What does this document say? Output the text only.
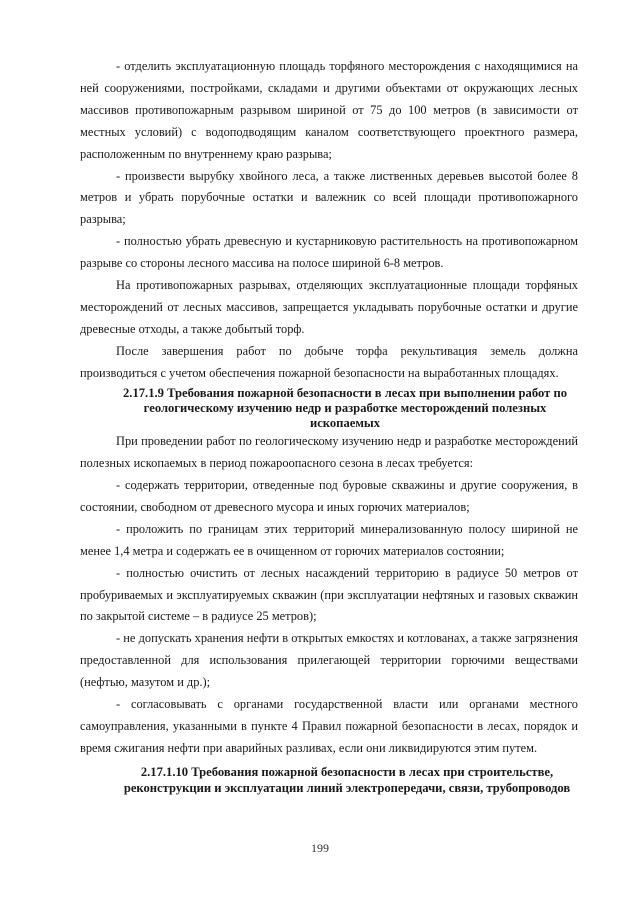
- отделить эксплуатационную площадь торфяного месторождения с находящимися на ней сооружениями, постройками, складами и другими объектами от окружающих лесных массивов противопожарным разрывом шириной от 75 до 100 метров (в зависимости от местных условий) с водоподводящим каналом соответствующего проектного размера, расположенным по внутреннему краю разрыва;

- произвести вырубку хвойного леса, а также лиственных деревьев высотой более 8 метров и убрать порубочные остатки и валежник со всей площади противопожарного разрыва;

- полностью убрать древесную и кустарниковую растительность на противопожарном разрыве со стороны лесного массива на полосе шириной 6-8 метров.

На противопожарных разрывах, отделяющих эксплуатационные площади торфяных месторождений от лесных массивов, запрещается укладывать порубочные остатки и другие древесные отходы, а также добытый торф.

После завершения работ по добыче торфа рекультивация земель должна производиться с учетом обеспечения пожарной безопасности на выработанных площадях.

2.17.1.9 Требования пожарной безопасности в лесах при выполнении работ по геологическому изучению недр и разработке месторождений полезных ископаемых

При проведении работ по геологическому изучению недр и разработке месторождений полезных ископаемых в период пожароопасного сезона в лесах требуется:

- содержать территории, отведенные под буровые скважины и другие сооружения, в состоянии, свободном от древесного мусора и иных горючих материалов;

- проложить по границам этих территорий минерализованную полосу шириной не менее 1,4 метра и содержать ее в очищенном от горючих материалов состоянии;

- полностью очистить от лесных насаждений территорию в радиусе 50 метров от пробуриваемых и эксплуатируемых скважин (при эксплуатации нефтяных и газовых скважин по закрытой системе – в радиусе 25 метров);

- не допускать хранения нефти в открытых емкостях и котлованах, а также загрязнения предоставленной для использования прилегающей территории горючими веществами (нефтью, мазутом и др.);

- согласовывать с органами государственной власти или органами местного самоуправления, указанными в пункте 4 Правил пожарной безопасности в лесах, порядок и время сжигания нефти при аварийных разливах, если они ликвидируются этим путем.

2.17.1.10 Требования пожарной безопасности в лесах при строительстве, реконструкции и эксплуатации линий электропередачи, связи, трубопроводов
199
